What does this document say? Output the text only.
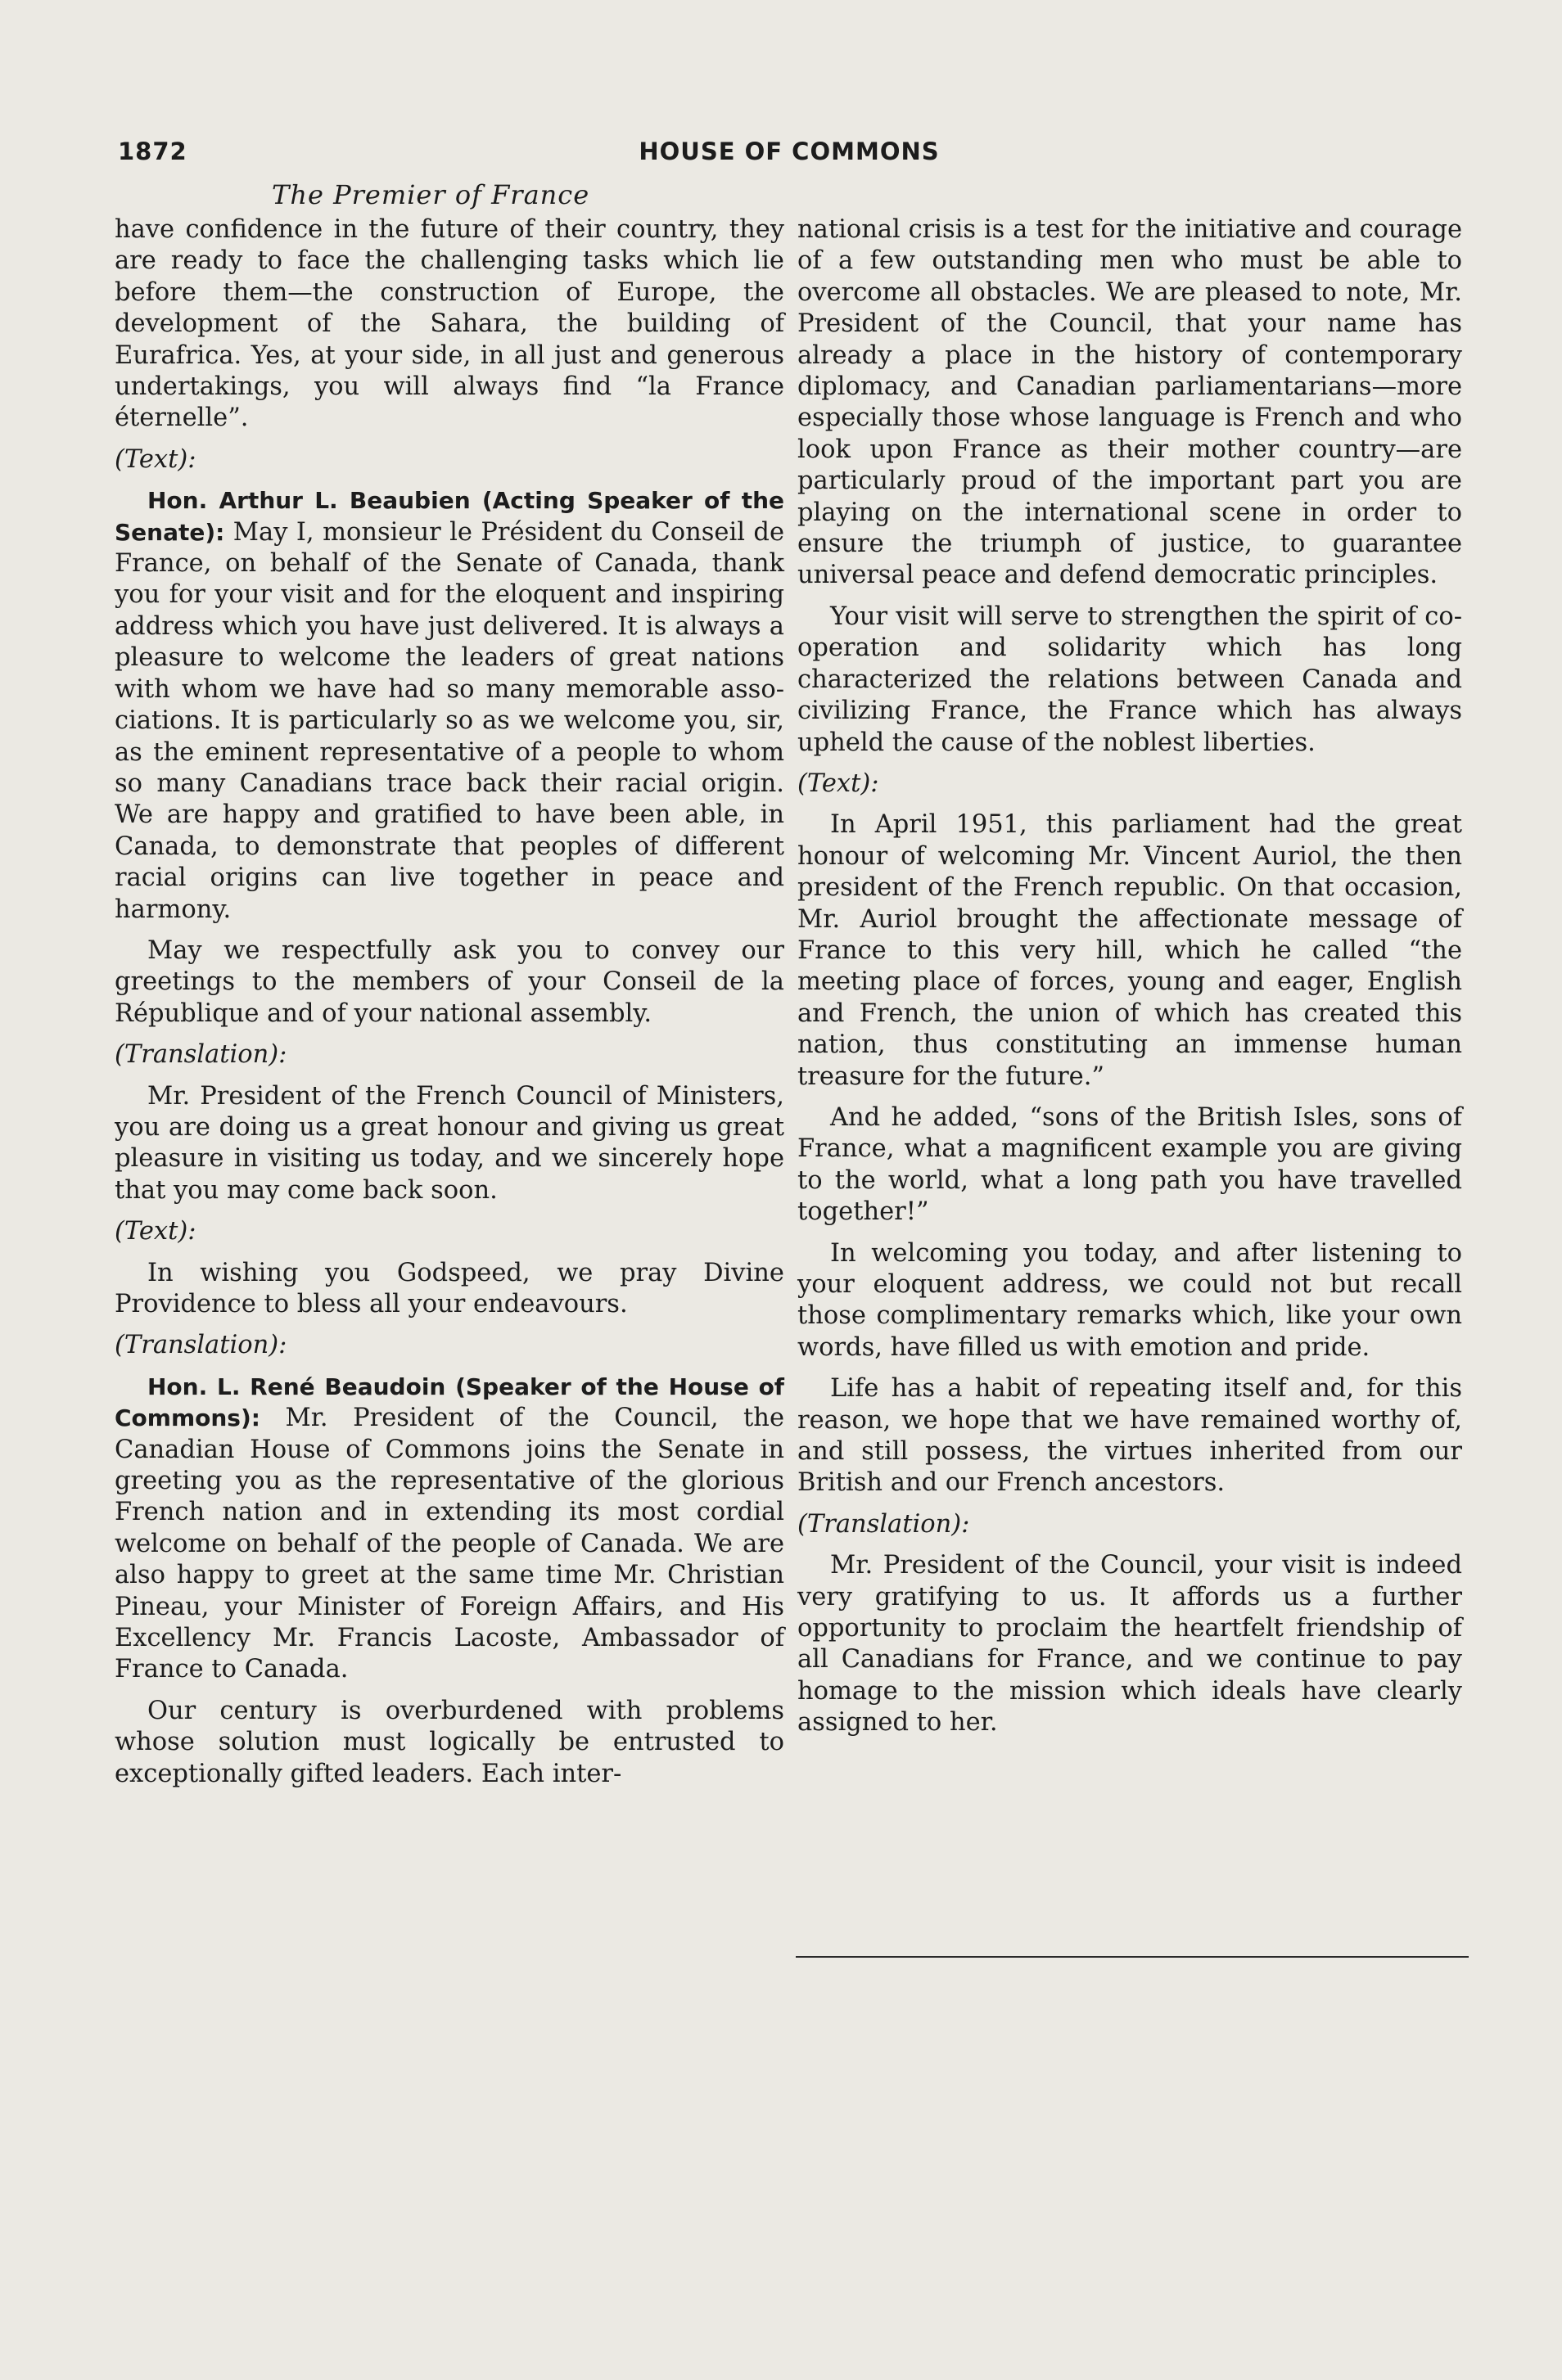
1872	HOUSE OF COMMONS
The Premier of France

have confidence in the future of their country, they are ready to face the challenging tasks which lie before them—the construction of Europe, the development of the Sahara, the building of Eurafrica. Yes, at your side, in all just and generous undertakings, you will always find “la France éternelle”.

(Text):

Hon. Arthur L. Beaubien (Acting Speaker of the Senate): May I, monsieur le Président du Conseil de France, on behalf of the Senate of Canada, thank you for your visit and for the eloquent and inspiring address which you have just delivered. It is always a pleasure to welcome the leaders of great nations with whom we have had so many memorable associations. It is particularly so as we welcome you, sir, as the eminent representative of a people to whom so many Canadians trace back their racial origin. We are happy and gratified to have been able, in Canada, to demonstrate that peoples of different racial origins can live together in peace and harmony.

May we respectfully ask you to convey our greetings to the members of your Conseil de la République and of your national assembly.

(Translation):

Mr. President of the French Council of Ministers, you are doing us a great honour and giving us great pleasure in visiting us today, and we sincerely hope that you may come back soon.

(Text):

In wishing you Godspeed, we pray Divine Providence to bless all your endeavours.

(Translation):

Hon. L. René Beaudoin (Speaker of the House of Commons): Mr. President of the Council, the Canadian House of Commons joins the Senate in greeting you as the representative of the glorious French nation and in extending its most cordial welcome on behalf of the people of Canada. We are also happy to greet at the same time Mr. Christian Pineau, your Minister of Foreign Affairs, and His Excellency Mr. Francis Lacoste, Ambassador of France to Canada.

Our century is overburdened with problems whose solution must logically be entrusted to exceptionally gifted leaders. Each inter-

national crisis is a test for the initiative and courage of a few outstanding men who must be able to overcome all obstacles. We are pleased to note, Mr. President of the Council, that your name has already a place in the history of contemporary diplomacy, and Canadian parliamentarians—more especially those whose language is French and who look upon France as their mother country—are particularly proud of the important part you are playing on the international scene in order to ensure the triumph of justice, to guarantee universal peace and defend democratic principles.

Your visit will serve to strengthen the spirit of co-operation and solidarity which has long characterized the relations between Canada and civilizing France, the France which has always upheld the cause of the noblest liberties.

(Text):

In April 1951, this parliament had the great honour of welcoming Mr. Vincent Auriol, the then president of the French republic. On that occasion, Mr. Auriol brought the affectionate message of France to this very hill, which he called “the meeting place of forces, young and eager, English and French, the union of which has created this nation, thus constituting an immense human treasure for the future.”

And he added, “sons of the British Isles, sons of France, what a magnificent example you are giving to the world, what a long path you have travelled together!”

In welcoming you today, and after listening to your eloquent address, we could not but recall those complimentary remarks which, like your own words, have filled us with emotion and pride.

Life has a habit of repeating itself and, for this reason, we hope that we have remained worthy of, and still possess, the virtues inherited from our British and our French ancestors.

(Translation):

Mr. President of the Council, your visit is indeed very gratifying to us. It affords us a further opportunity to proclaim the heartfelt friendship of all Canadians for France, and we continue to pay homage to the mission which ideals have clearly assigned to her.
